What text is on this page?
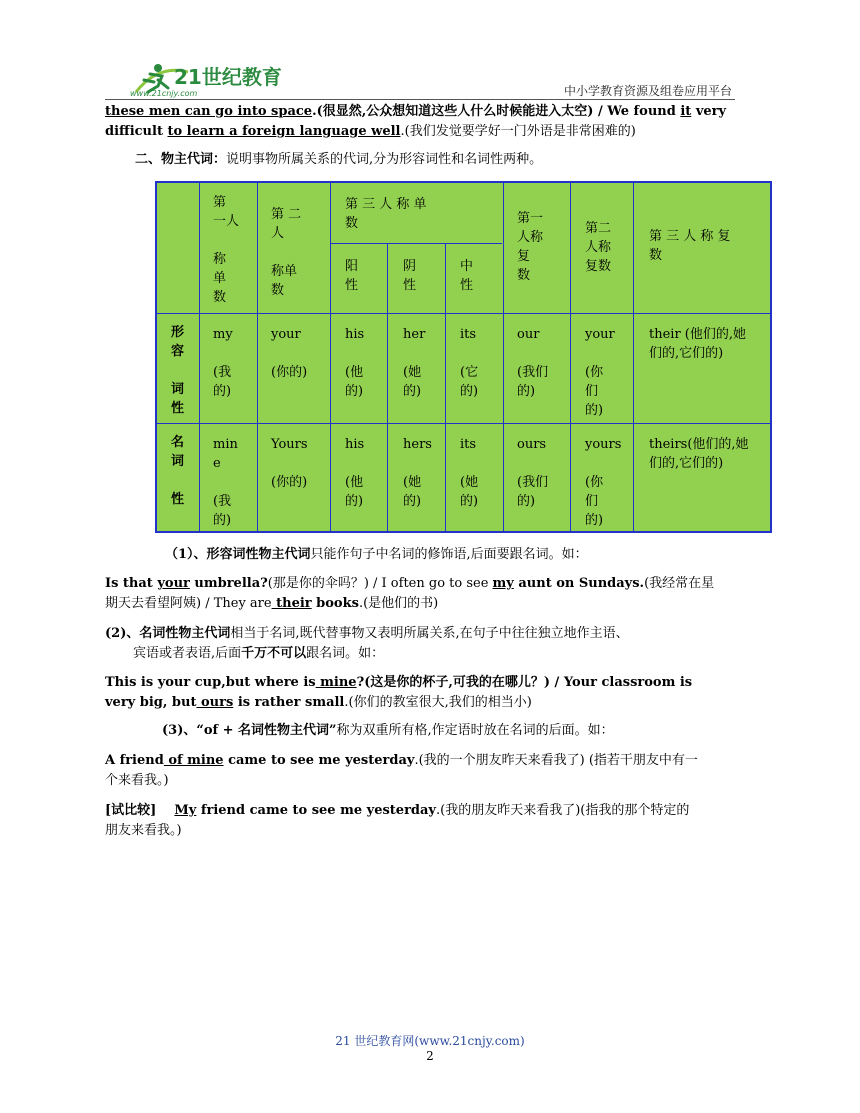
21世纪教育
www.21cnjy.com	中小学教育资源及组卷应用平台
these men can go into space.(很显然,公众想知道这些人什么时候能进入太空) / We found it very
difficult to learn a foreign language well.(我们发觉要学好一门外语是非常困难的)
二、物主代词：说明事物所属关系的代词,分为形容词性和名词性两种。
第
一人

称
单
数
第 二
人

称单
数
第 三 人 称 单
数
阳
性
阴
性
中
性
第一
人称
复
数
第二
人称
复数
第 三 人 称 复
数
形
容

词
性
名
词

性
my

(我
的)
your

(你的)
his

(他
的)
her

(她
的)
its

(它
的)
our

(我们
的)
your

(你
们
的)
their (他们的,她
们的,它们的)
min
e

(我
的)
Yours

(你的)
his

(他
的)
hers

(她
的)
its

(她
的)
ours

(我们
的)
yours

(你
们
的)
theirs(他们的,她
们的,它们的)
（1）、形容词性物主代词只能作句子中名词的修饰语,后面要跟名词。如：
Is that your umbrella?(那是你的伞吗？) / I often go to see my aunt on Sundays.(我经常在星
期天去看望阿姨) / They are their books.(是他们的书)
(2)、名词性物主代词相当于名词,既代替事物又表明所属关系,在句子中往往独立地作主语、
宾语或者表语,后面千万不可以跟名词。如：
This is your cup,but where is mine?(这是你的杯子,可我的在哪儿？) / Your classroom is
very big, but ours is rather small.(你们的教室很大,我们的相当小)
(3)、“of + 名词性物主代词”称为双重所有格,作定语时放在名词的后面。如：
A friend of mine came to see me yesterday.(我的一个朋友昨天来看我了) (指若干朋友中有一
个来看我。)
[试比较] My friend came to see me yesterday.(我的朋友昨天来看我了)(指我的那个特定的
朋友来看我。)
21 世纪教育网(www.21cnjy.com)
2
